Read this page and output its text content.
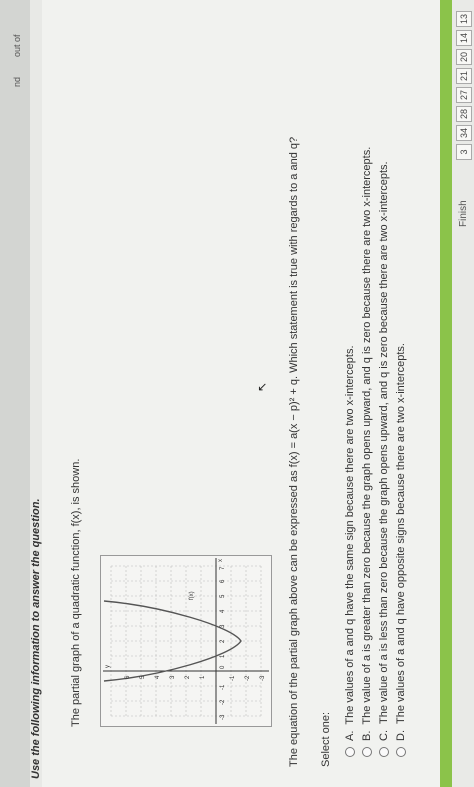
nd
out of
Use the following information to answer the question.	The partial graph of a quadratic function, f(x), is shown.	f(x)
x
y
-3
-2
-1
0
1
2
3
4
5
6
7
6 5 4 3 2 1	-1 -2 -3
↖ The equation of the partial graph above can be expressed as f(x) = a(x − p)² + q. Which statement is true with regards to a and q? Select one: A.
The values of a and q have the same sign because there are two x-intercepts.
B.
The value of a is greater than zero because the graph opens upward, and q is zero because there are two x-intercepts.
C.
The value of a is less than zero because the graph opens upward, and q is zero because there are two x-intercepts.
D.
The values of a and q have opposite signs because there are two x-intercepts.
13
14
20
21
27
28
34
3
Finish
